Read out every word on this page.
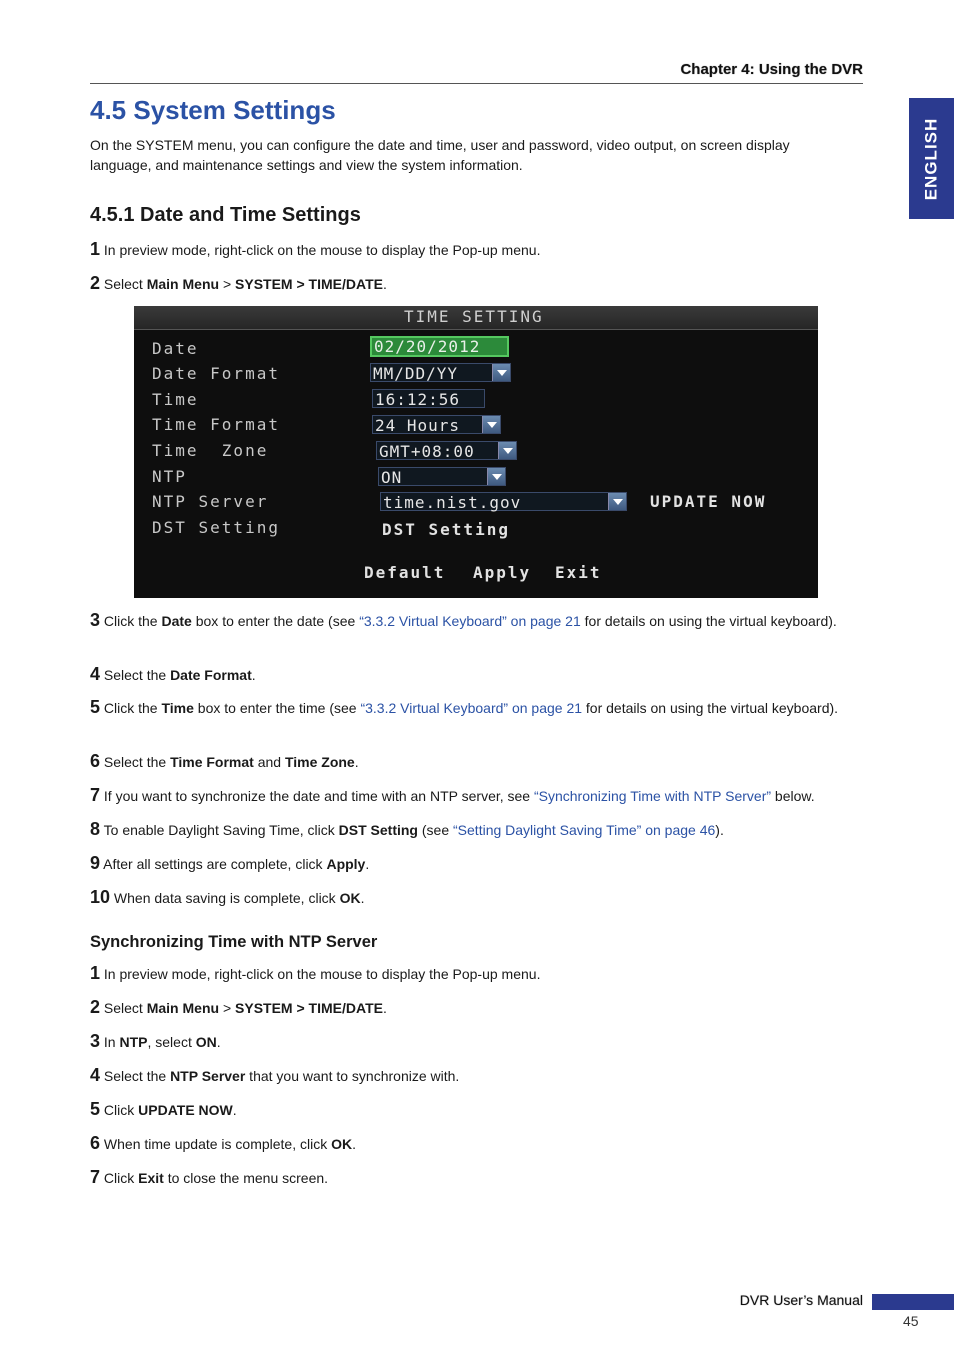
Chapter 4: Using the DVR
ENGLISH
4.5 System Settings

On the SYSTEM menu, you can configure the date and time, user and password, video output, on screen display language, and maintenance settings and view the system information.

4.5.1 Date and Time Settings

1 In preview mode, right-click on the mouse to display the Pop-up menu.

2 Select Main Menu > SYSTEM > TIME/DATE.

TIME SETTING
Date
Date Format
Time
Time Format
Time  Zone
NTP
NTP Server
DST Setting
02/20/2012
MM/DD/YY
16:12:56
24 Hours
GMT+08:00
ON
time.nist.gov	UPDATE NOW
DST Setting
Default Apply Exit

3 Click the Date box to enter the date (see “3.3.2 Virtual Keyboard” on page 21 for details on using the virtual keyboard).

4 Select the Date Format.

5 Click the Time box to enter the time (see “3.3.2 Virtual Keyboard” on page 21 for details on using the virtual keyboard).

6 Select the Time Format and Time Zone.

7 If you want to synchronize the date and time with an NTP server, see “Synchronizing Time with NTP Server” below.

8 To enable Daylight Saving Time, click DST Setting (see “Setting Daylight Saving Time” on page 46).

9 After all settings are complete, click Apply.

10 When data saving is complete, click OK.

Synchronizing Time with NTP Server

1 In preview mode, right-click on the mouse to display the Pop-up menu.

2 Select Main Menu > SYSTEM > TIME/DATE.

3 In NTP, select ON.

4 Select the NTP Server that you want to synchronize with.

5 Click UPDATE NOW.

6 When time update is complete, click OK.

7 Click Exit to close the menu screen.

DVR User’s Manual
45
